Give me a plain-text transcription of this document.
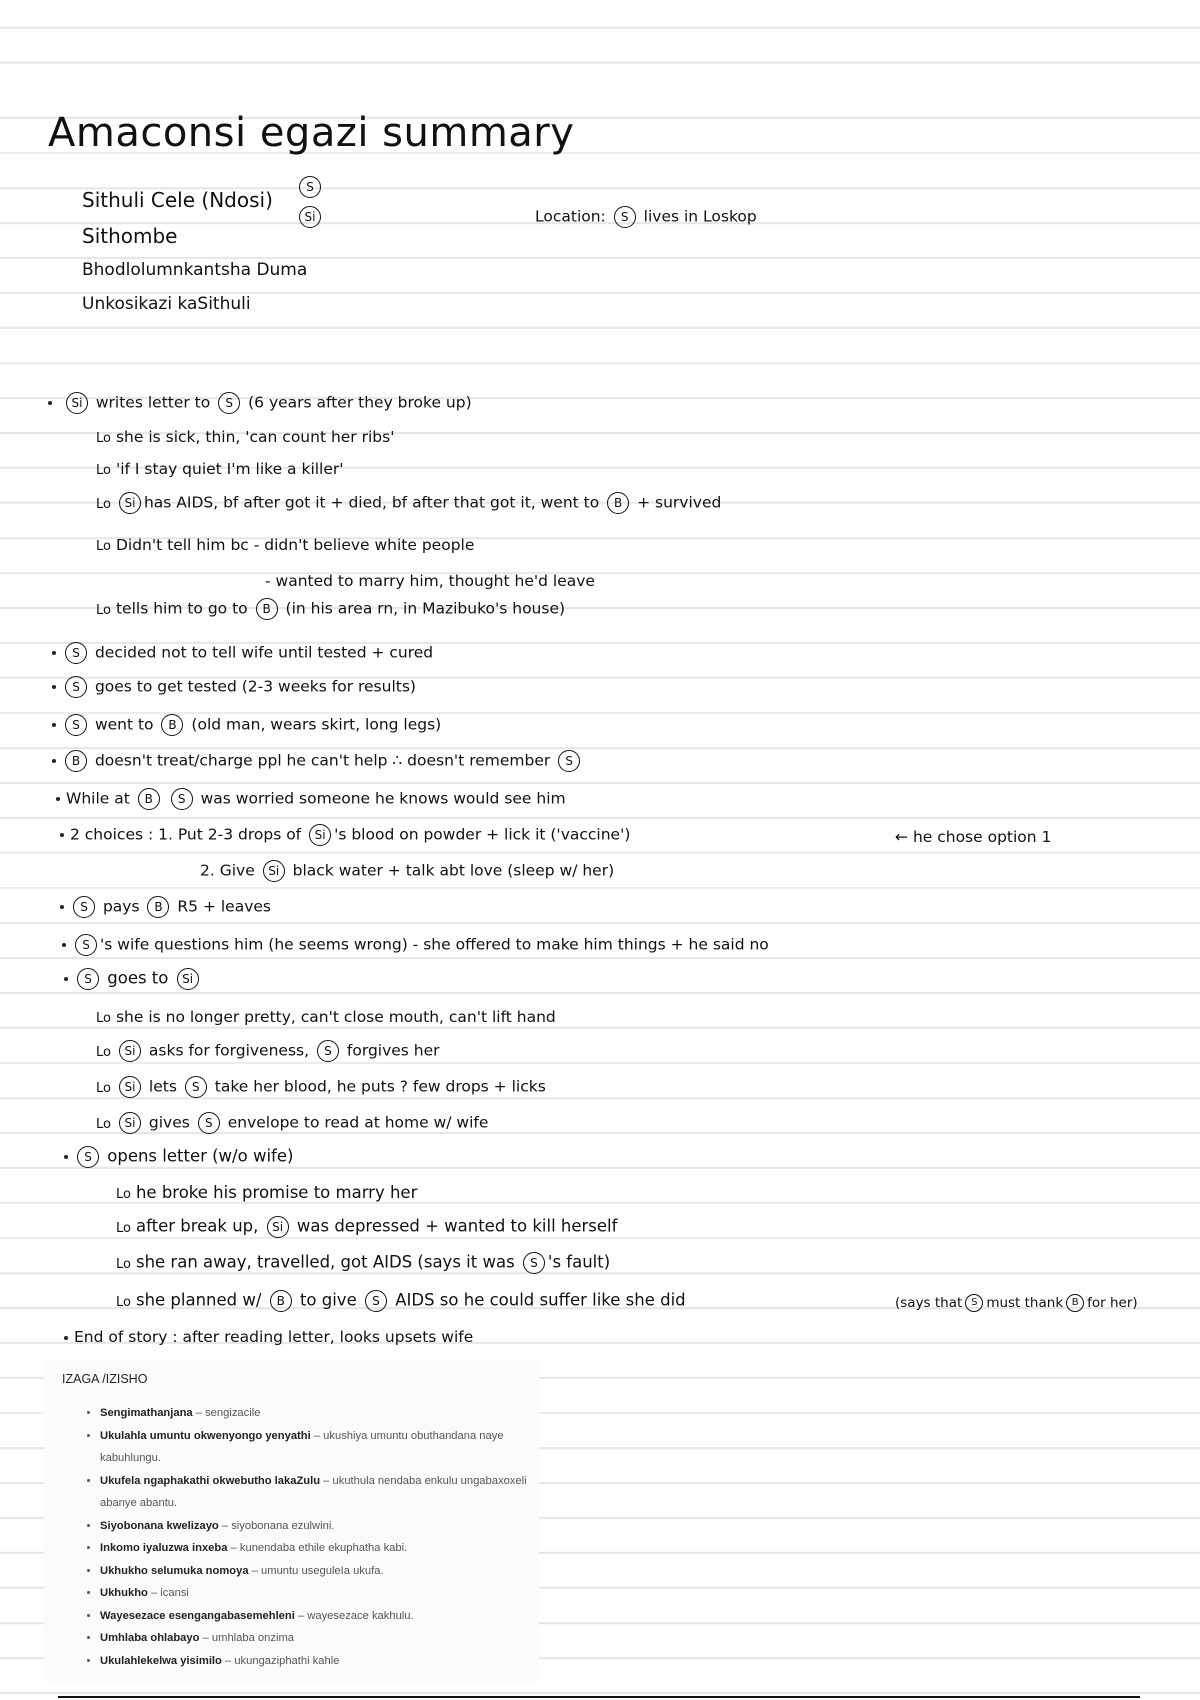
Amaconsi egazi summary
Sithuli Cele (Ndosi)
S
Si
Sithombe
Bhodlolumnkantsha Duma
Unkosikazi kaSithuli
Location: S lives in Loskop
Si writes letter to S (6 years after they broke up)
Lo she is sick, thin, 'can count her ribs'
Lo 'if I stay quiet I'm like a killer'
Lo Si has AIDS, bf after got it + died, bf after that got it, went to B + survived
Lo Didn't tell him bc - didn't believe white people
- wanted to marry him, thought he'd leave
Lo tells him to go to B (in his area rn, in Mazibuko's house)
S decided not to tell wife until tested + cured
S goes to get tested (2-3 weeks for results)
S went to B (old man, wears skirt, long legs)
B doesn't treat/charge ppl he can't help ∴ doesn't remember S
While at B S was worried someone he knows would see him
2 choices : 1. Put 2-3 drops of Si 's blood on powder + lick it ('vaccine')
2. Give Si black water + talk abt love (sleep w/ her)
← he chose option 1
S pays B R5 + leaves
S 's wife questions him (he seems wrong) - she offered to make him things + he said no
S goes to Si
Lo she is no longer pretty, can't close mouth, can't lift hand
Lo Si asks for forgiveness, S forgives her
Lo Si lets S take her blood, he puts ? few drops + licks
Lo Si gives S envelope to read at home w/ wife
S opens letter (w/o wife)
Lo he broke his promise to marry her
Lo after break up, Si was depressed + wanted to kill herself
Lo she ran away, travelled, got AIDS (says it was S 's fault)
Lo she planned w/ B to give S AIDS so he could suffer like she did	(says that S must thank B for her)
End of story : after reading letter, looks upsets wife
IZAGA /IZISHO
• Sengimathanjana – sengizacile
• Ukulahla umuntu okwenyongo yenyathi – ukushiya umuntu obuthandana naye kabuhlungu.
• Ukufela ngaphakathi okwebutho lakaZulu – ukuthula nendaba enkulu ungabaxoxeli abanye abantu.
• Siyobonana kwelizayo – siyobonana ezulwini.
• Inkomo iyaluzwa inxeba – kunendaba ethile ekuphatha kabi.
• Ukhukho selumuka nomoya – umuntu useguleIa ukufa.
• Ukhukho – icansi
• Wayesezace esengangabasemehleni – wayesezace kakhulu.
• Umhlaba ohlabayo – umhlaba onzima
• Ukulahlekelwa yisimilo – ukungaziphathi kahle
